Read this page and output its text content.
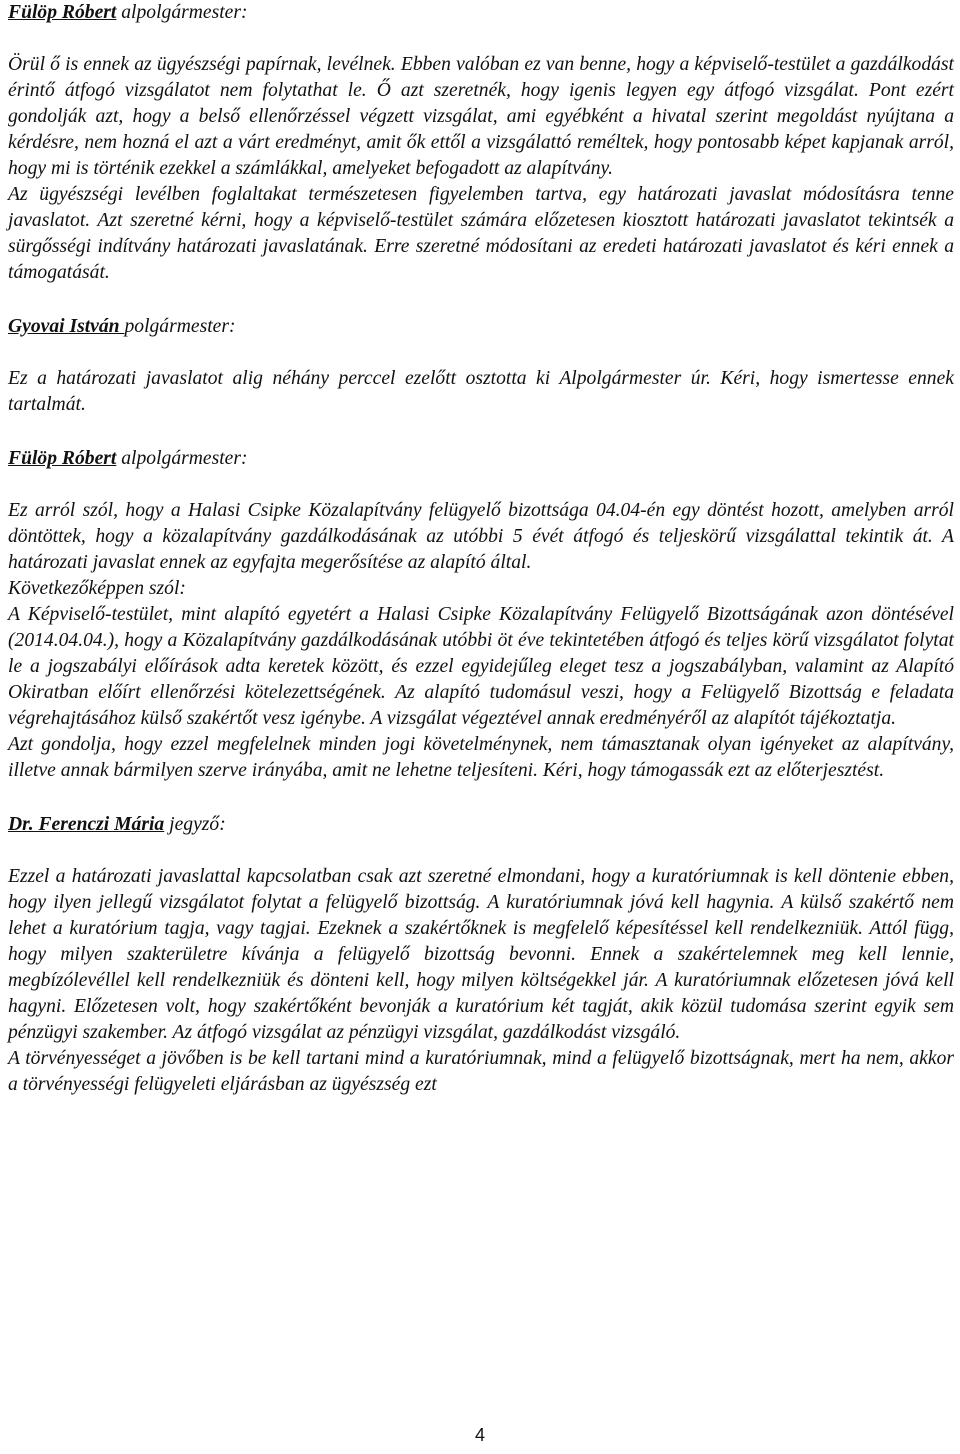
Fülöp Róbert alpolgármester:

Örül ő is ennek az ügyészségi papírnak, levélnek. Ebben valóban ez van benne, hogy a képviselő-testület a gazdálkodást érintő átfogó vizsgálatot nem folytathat le. Ő azt szeretnék, hogy igenis legyen egy átfogó vizsgálat. Pont ezért gondolják azt, hogy a belső ellenőrzéssel végzett vizsgálat, ami egyébként a hivatal szerint megoldást nyújtana a kérdésre, nem hozná el azt a várt eredményt, amit ők ettől a vizsgálattó reméltek, hogy pontosabb képet kapjanak arról, hogy mi is történik ezekkel a számlákkal, amelyeket befogadott az alapítvány.

Az ügyészségi levélben foglaltakat természetesen figyelemben tartva, egy határozati javaslat módosításra tenne javaslatot. Azt szeretné kérni, hogy a képviselő-testület számára előzetesen kiosztott határozati javaslatot tekintsék a sürgősségi indítvány határozati javaslatának. Erre szeretné módosítani az eredeti határozati javaslatot és kéri ennek a támogatását.

Gyovai István polgármester:

Ez a határozati javaslatot alig néhány perccel ezelőtt osztotta ki Alpolgármester úr. Kéri, hogy ismertesse ennek tartalmát.

Fülöp Róbert alpolgármester:

Ez arról szól, hogy a Halasi Csipke Közalapítvány felügyelő bizottsága 04.04-én egy döntést hozott, amelyben arról döntöttek, hogy a közalapítvány gazdálkodásának az utóbbi 5 évét átfogó és teljeskörű vizsgálattal tekintik át. A határozati javaslat ennek az egyfajta megerősítése az alapító által.

Következőképpen szól:

A Képviselő-testület, mint alapító egyetért a Halasi Csipke Közalapítvány Felügyelő Bizottságának azon döntésével (2014.04.04.), hogy a Közalapítvány gazdálkodásának utóbbi öt éve tekintetében átfogó és teljes körű vizsgálatot folytat le a jogszabályi előírások adta keretek között, és ezzel egyidejűleg eleget tesz a jogszabályban, valamint az Alapító Okiratban előírt ellenőrzési kötelezettségének. Az alapító tudomásul veszi, hogy a Felügyelő Bizottság e feladata végrehajtásához külső szakértőt vesz igénybe. A vizsgálat végeztével annak eredményéről az alapítót tájékoztatja.

Azt gondolja, hogy ezzel megfelelnek minden jogi követelménynek, nem támasztanak olyan igényeket az alapítvány, illetve annak bármilyen szerve irányába, amit ne lehetne teljesíteni. Kéri, hogy támogassák ezt az előterjesztést.

Dr. Ferenczi Mária jegyző:

Ezzel a határozati javaslattal kapcsolatban csak azt szeretné elmondani, hogy a kuratóriumnak is kell döntenie ebben, hogy ilyen jellegű vizsgálatot folytat a felügyelő bizottság. A kuratóriumnak jóvá kell hagynia. A külső szakértő nem lehet a kuratórium tagja, vagy tagjai. Ezeknek a szakértőknek is megfelelő képesítéssel kell rendelkezniük. Attól függ, hogy milyen szakterületre kívánja a felügyelő bizottság bevonni. Ennek a szakértelemnek meg kell lennie, megbízólevéllel kell rendelkezniük és dönteni kell, hogy milyen költségekkel jár. A kuratóriumnak előzetesen jóvá kell hagyni. Előzetesen volt, hogy szakértőként bevonják a kuratórium két tagját, akik közül tudomása szerint egyik sem pénzügyi szakember. Az átfogó vizsgálat az pénzügyi vizsgálat, gazdálkodást vizsgáló.

A törvényességet a jövőben is be kell tartani mind a kuratóriumnak, mind a felügyelő bizottságnak, mert ha nem, akkor a törvényességi felügyeleti eljárásban az ügyészség ezt

4
